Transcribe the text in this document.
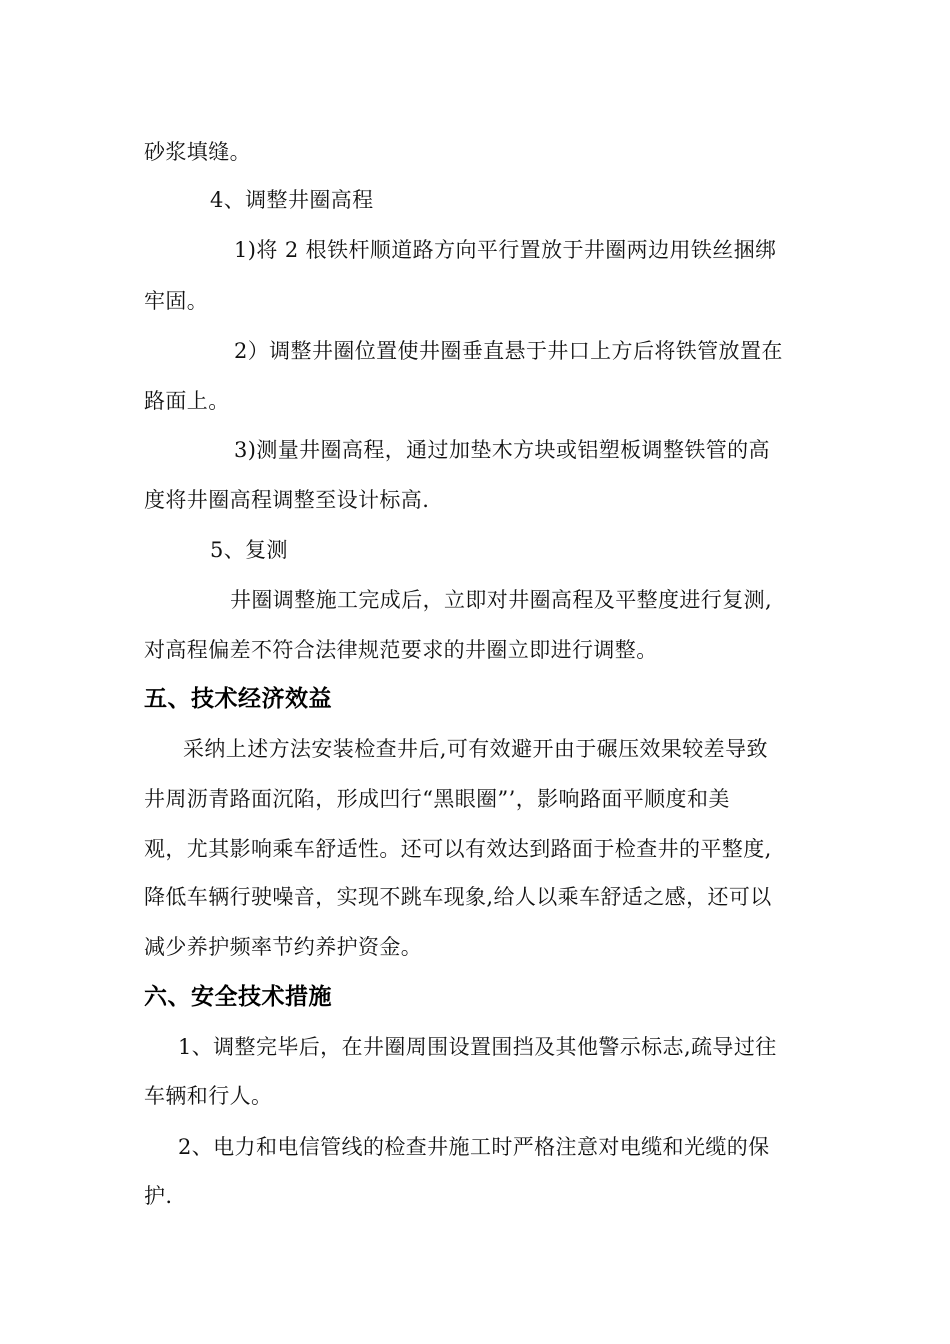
砂浆填缝。
4、调整井圈高程
1)将 2 根铁杆顺道路方向平行置放于井圈两边用铁丝捆绑
牢固。
2）调整井圈位置使井圈垂直悬于井口上方后将铁管放置在
路面上。
3)测量井圈高程，通过加垫木方块或铝塑板调整铁管的高
度将井圈高程调整至设计标高.
5、复测
井圈调整施工完成后，立即对井圈高程及平整度进行复测,
对高程偏差不符合法律规范要求的井圈立即进行调整。
五、技术经济效益
采纳上述方法安装检查井后,可有效避开由于碾压效果较差导致
井周沥青路面沉陷，形成凹行“黑眼圈”’，影响路面平顺度和美
观，尤其影响乘车舒适性。还可以有效达到路面于检查井的平整度,
降低车辆行驶噪音，实现不跳车现象,给人以乘车舒适之感，还可以
减少养护频率节约养护资金。
六、安全技术措施
1、调整完毕后，在井圈周围设置围挡及其他警示标志,疏导过往
车辆和行人。
2、电力和电信管线的检查井施工时严格注意对电缆和光缆的保
护.
